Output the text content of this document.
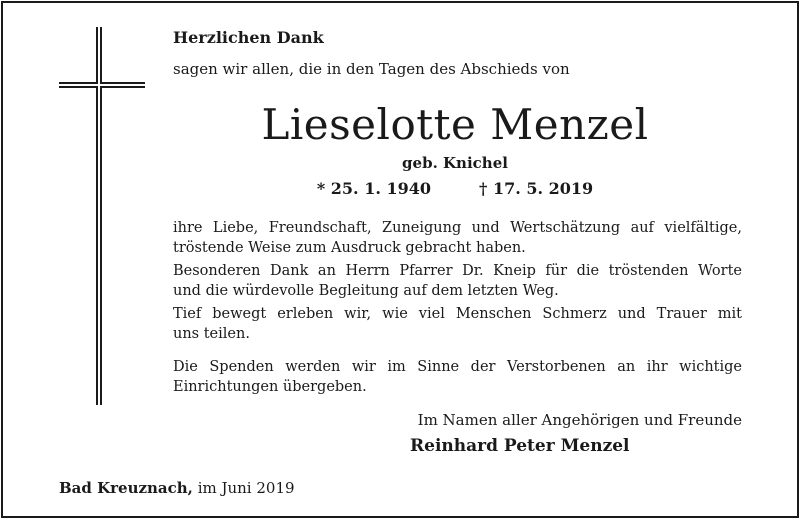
Herzlichen Dank
sagen wir allen, die in den Tagen des Abschieds von
Lieselotte Menzel
geb. Knichel
* 25. 1. 1940	† 17. 5. 2019
ihre Liebe, Freundschaft, Zuneigung und Wertschätzung auf vielfältige,
tröstende Weise zum Ausdruck gebracht haben.
Besonderen Dank an Herrn Pfarrer Dr. Kneip für die tröstenden Worte
und die würdevolle Begleitung auf dem letzten Weg.
Tief bewegt erleben wir, wie viel Menschen Schmerz und Trauer mit
uns teilen.
Die Spenden werden wir im Sinne der Verstorbenen an ihr wichtige
Einrichtungen übergeben.
Im Namen aller Angehörigen und Freunde
Reinhard Peter Menzel
Bad Kreuznach, im Juni 2019
